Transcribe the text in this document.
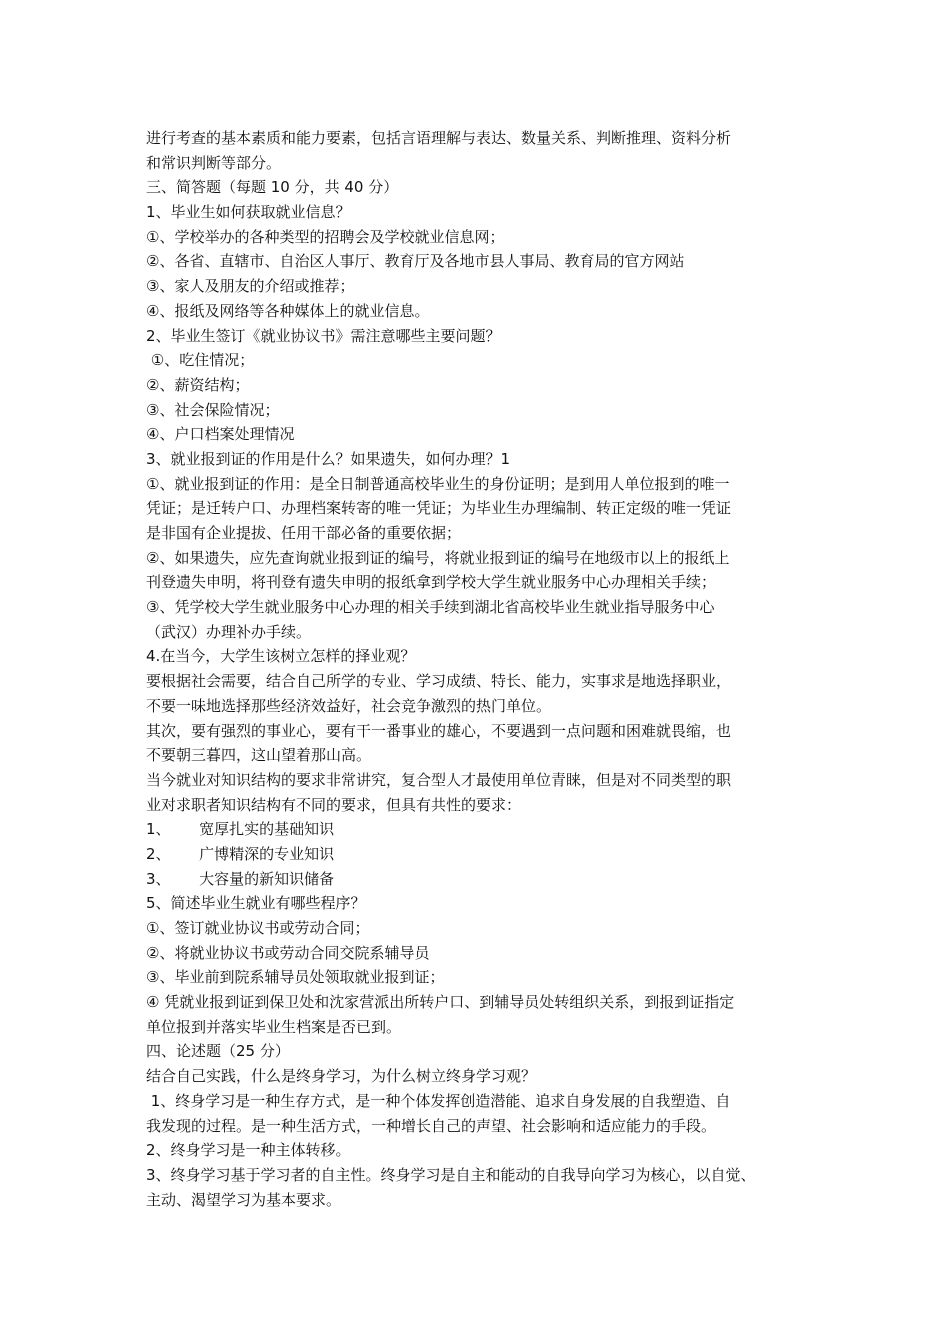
进行考查的基本素质和能力要素，包括言语理解与表达、数量关系、判断推理、资料分析
和常识判断等部分。
三、简答题（每题 10 分，共 40 分）
1、毕业生如何获取就业信息？
①、学校举办的各种类型的招聘会及学校就业信息网；
②、各省、直辖市、自治区人事厅、教育厅及各地市县人事局、教育局的官方网站
③、家人及朋友的介绍或推荐；
④、报纸及网络等各种媒体上的就业信息。
2、毕业生签订《就业协议书》需注意哪些主要问题？
①、吃住情况；
②、薪资结构；
③、社会保险情况；
④、户口档案处理情况
3、就业报到证的作用是什么？如果遗失，如何办理？1
①、就业报到证的作用：是全日制普通高校毕业生的身份证明；是到用人单位报到的唯一
凭证；是迁转户口、办理档案转寄的唯一凭证；为毕业生办理编制、转正定级的唯一凭证
是非国有企业提拔、任用干部必备的重要依据；
②、如果遗失，应先查询就业报到证的编号，将就业报到证的编号在地级市以上的报纸上
刊登遗失申明，将刊登有遗失申明的报纸拿到学校大学生就业服务中心办理相关手续；
③、凭学校大学生就业服务中心办理的相关手续到湖北省高校毕业生就业指导服务中心
（武汉）办理补办手续。
4.在当今，大学生该树立怎样的择业观？
要根据社会需要，结合自己所学的专业、学习成绩、特长、能力，实事求是地选择职业，
不要一味地选择那些经济效益好，社会竞争激烈的热门单位。
其次，要有强烈的事业心，要有干一番事业的雄心，不要遇到一点问题和困难就畏缩，也
不要朝三暮四，这山望着那山高。
当今就业对知识结构的要求非常讲究，复合型人才最使用单位青睐，但是对不同类型的职
业对求职者知识结构有不同的要求，但具有共性的要求：
1、      宽厚扎实的基础知识
2、      广博精深的专业知识
3、      大容量的新知识储备
5、简述毕业生就业有哪些程序？
①、签订就业协议书或劳动合同；
②、将就业协议书或劳动合同交院系辅导员
③、毕业前到院系辅导员处领取就业报到证；
④ 凭就业报到证到保卫处和沈家营派出所转户口、到辅导员处转组织关系，到报到证指定
单位报到并落实毕业生档案是否已到。
四、论述题（25 分）
结合自己实践，什么是终身学习，为什么树立终身学习观？
1、终身学习是一种生存方式，是一种个体发挥创造潜能、追求自身发展的自我塑造、自
我发现的过程。是一种生活方式，一种增长自己的声望、社会影响和适应能力的手段。
2、终身学习是一种主体转移。
3、终身学习基于学习者的自主性。终身学习是自主和能动的自我导向学习为核心，以自觉、
主动、渴望学习为基本要求。
